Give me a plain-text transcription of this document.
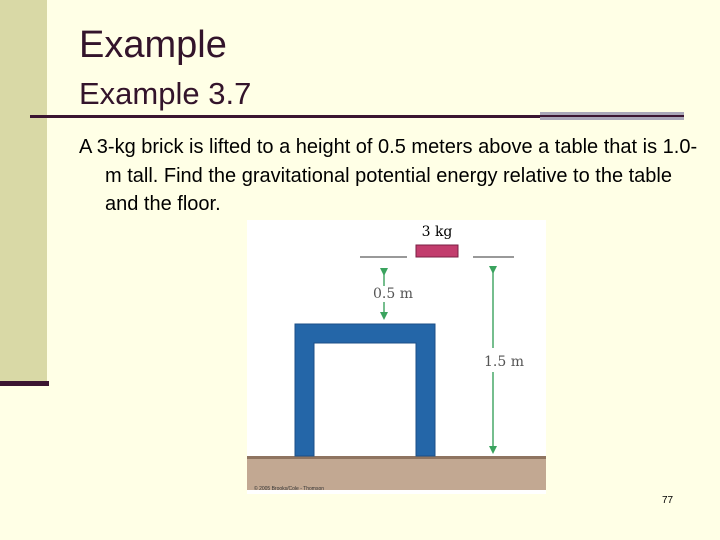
Example
Example 3.7

A 3-kg brick is lifted to a height of 0.5 meters above a table that is 1.0-m tall. Find the gravitational potential energy relative to the table and the floor.

3 kg
0.5 m
1.5 m
© 2005 Brooks/Cole - Thomson
77
